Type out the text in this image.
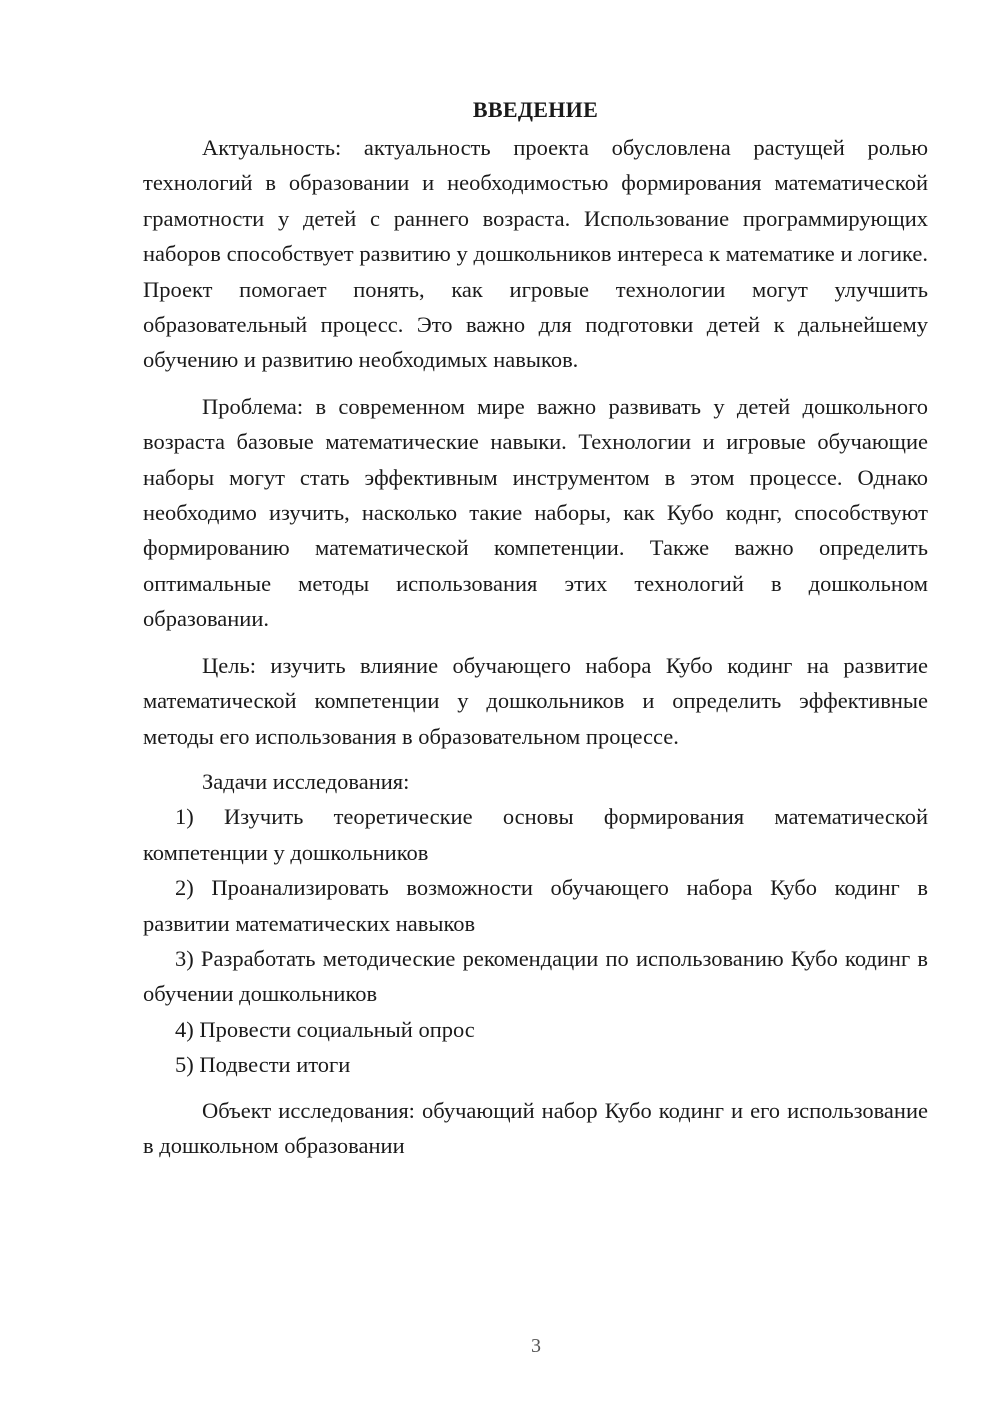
ВВЕДЕНИЕ

Актуальность: актуальность проекта обусловлена растущей ролью технологий в образовании и необходимостью формирования математической грамотности у детей с раннего возраста. Использование программирующих наборов способствует развитию у дошкольников интереса к математике и логике. Проект помогает понять, как игровые технологии могут улучшить образовательный процесс. Это важно для подготовки детей к дальнейшему обучению и развитию необходимых навыков.

Проблема: в современном мире важно развивать у детей дошкольного возраста базовые математические навыки. Технологии и игровые обучающие наборы могут стать эффективным инструментом в этом процессе. Однако необходимо изучить, насколько такие наборы, как Кубо коднг, способствуют формированию математической компетенции. Также важно определить оптимальные методы использования этих технологий в дошкольном образовании.

Цель: изучить влияние обучающего набора Кубо кодинг на развитие математической компетенции у дошкольников и определить эффективные методы его использования в образовательном процессе.

Задачи исследования:

1) Изучить теоретические основы формирования математической компетенции у дошкольников

2) Проанализировать возможности обучающего набора Кубо кодинг в развитии математических навыков

3) Разработать методические рекомендации по использованию Кубо кодинг в обучении дошкольников

4) Провести социальный опрос

5) Подвести итоги

Объект исследования: обучающий набор Кубо кодинг и его использование в дошкольном образовании

3
